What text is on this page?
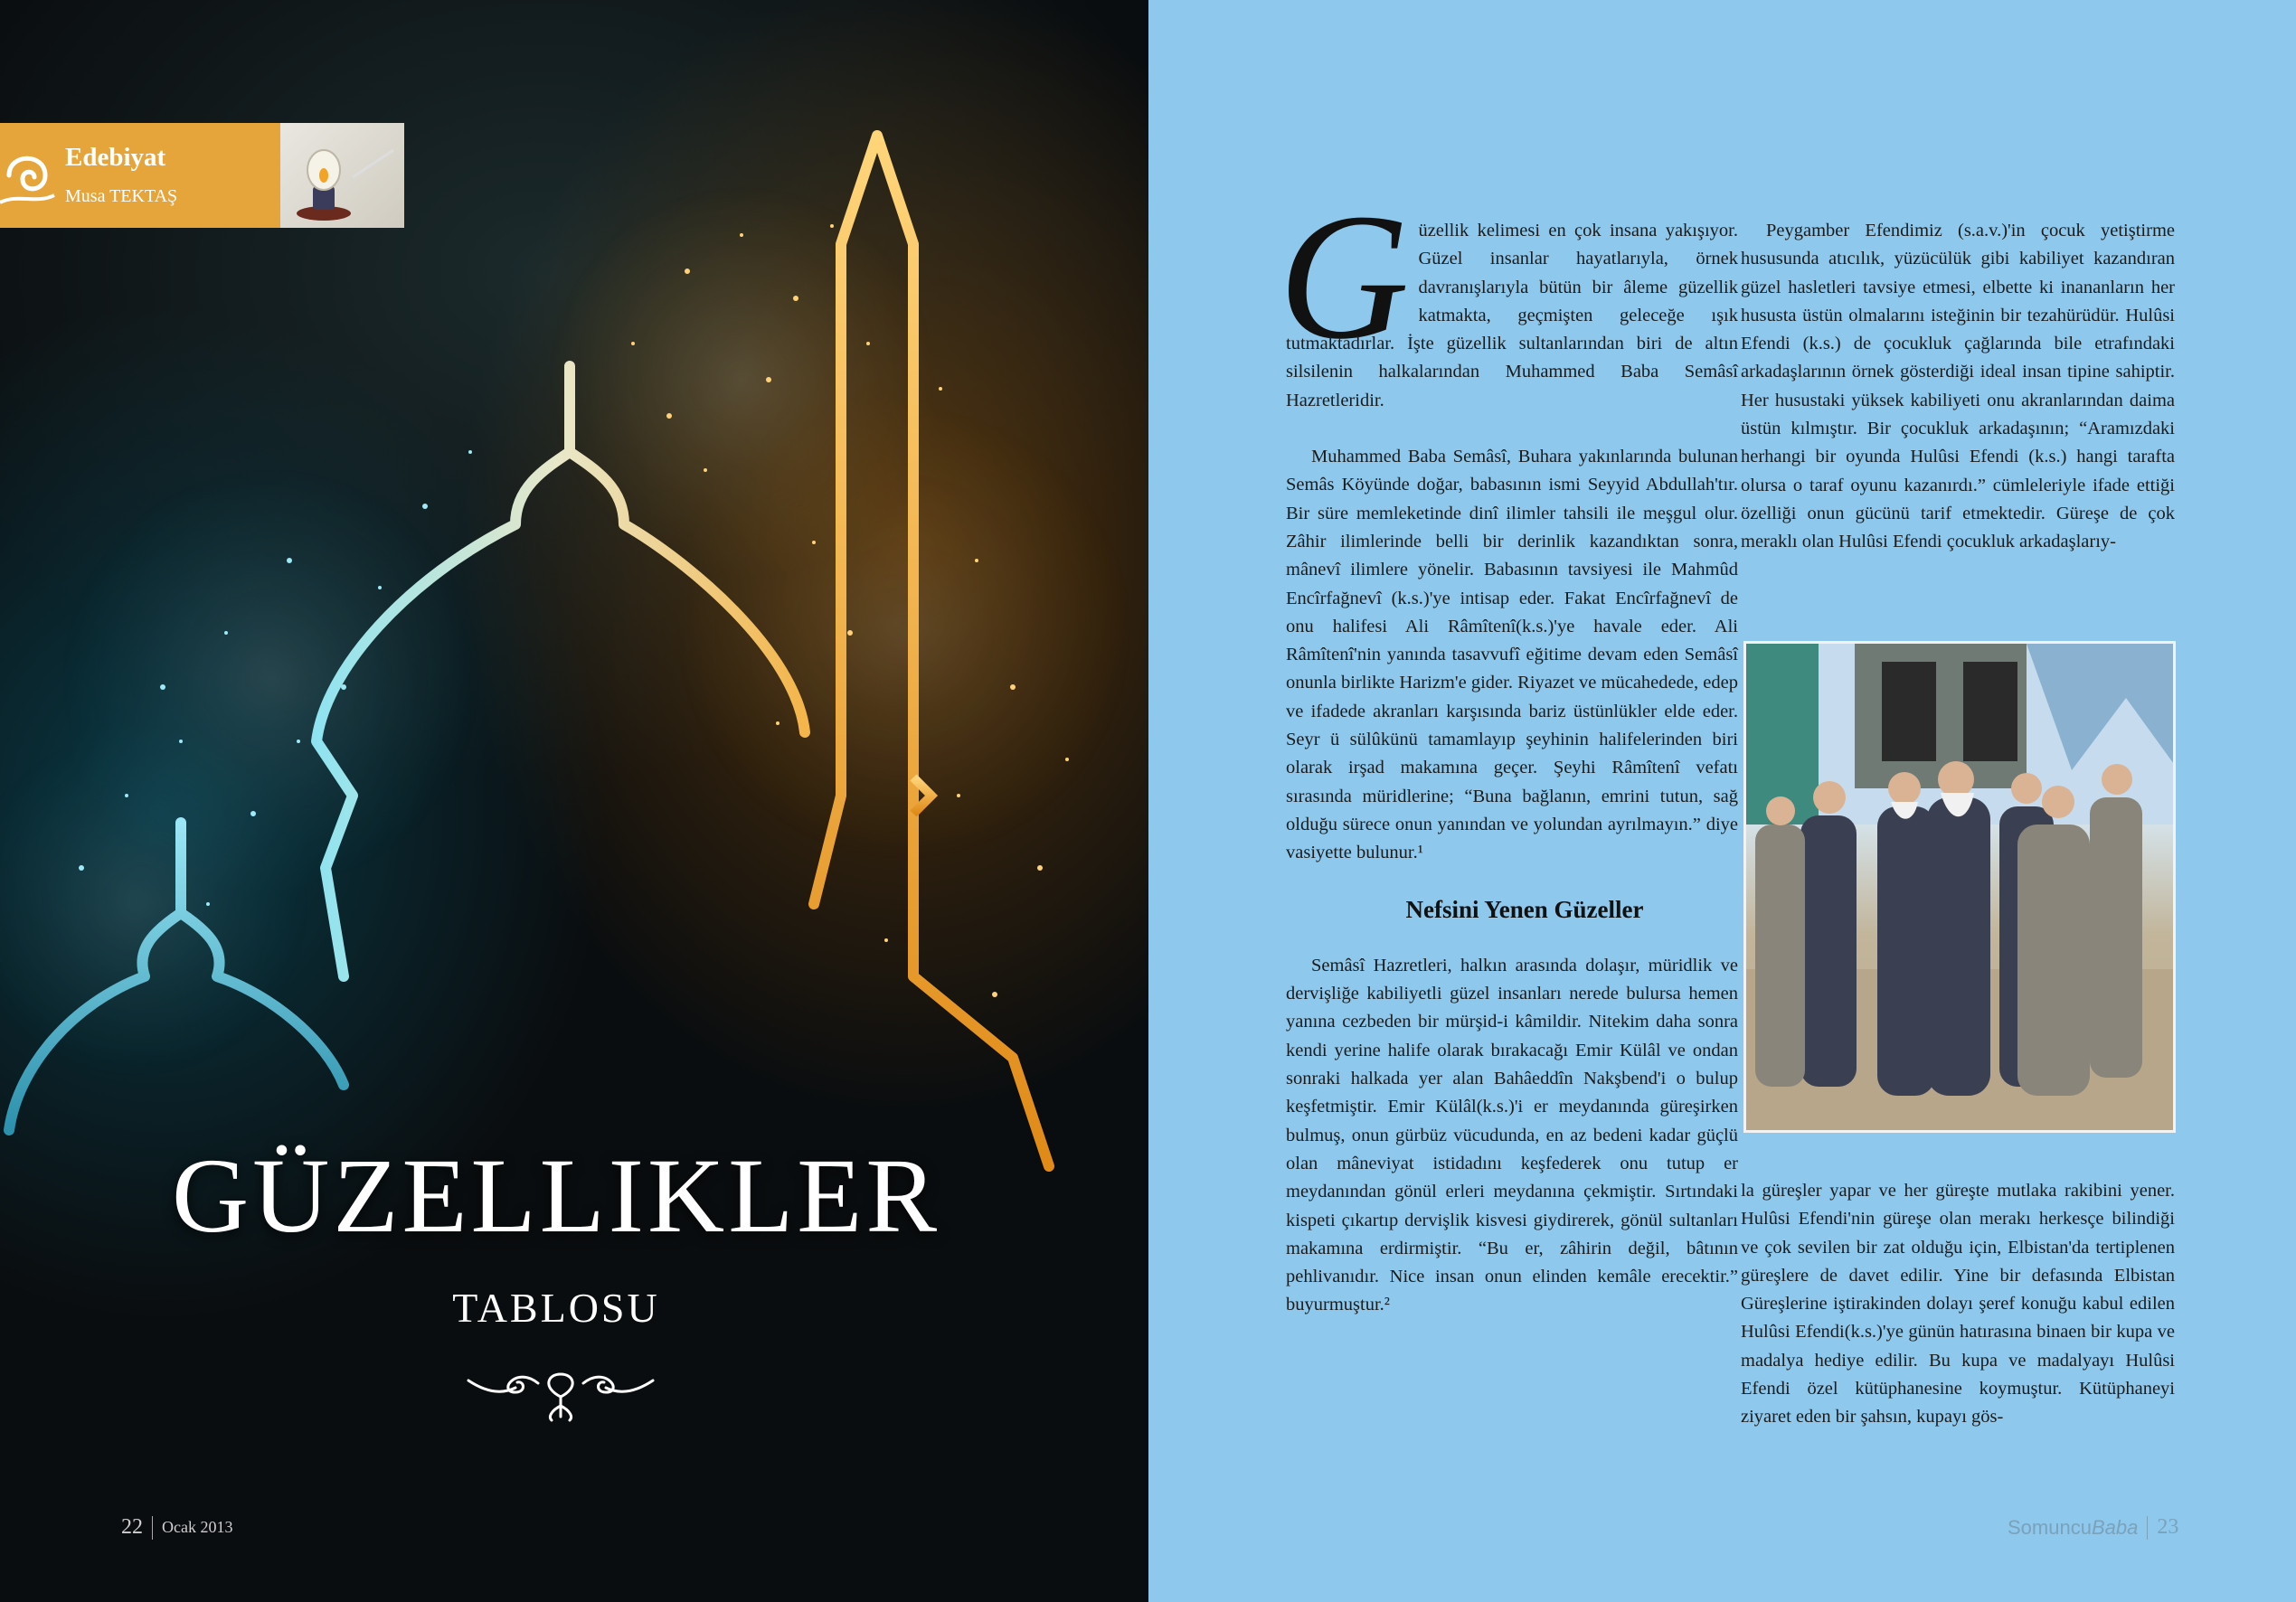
Edebiyat
Musa TEKTAŞ
GÜZELLIKLER
TABLOSU
22 Ocak 2013

Güzellik kelimesi en çok insana yakışıyor. Güzel insanlar hayatlarıyla, örnek davranışlarıyla bütün bir âleme güzellik katmakta, geçmişten geleceğe ışık tutmaktadırlar. İşte güzellik sultanlarından biri de altın silsilenin halkalarından Muhammed Baba Semâsî Hazretleridir.

Muhammed Baba Semâsî, Buhara yakınlarında bulunan Semâs Köyünde doğar, babasının ismi Seyyid Abdullah'tır. Bir süre memleketinde dinî ilimler tahsili ile meşgul olur. Zâhir ilimlerinde belli bir derinlik kazandıktan sonra, mânevî ilimlere yönelir. Babasının tavsiyesi ile Mahmûd Encîrfağnevî (k.s.)'ye intisap eder. Fakat Encîrfağnevî de onu halifesi Ali Râmîtenî(k.s.)'ye havale eder. Ali Râmîtenî'nin yanında tasavvufî eğitime devam eden Semâsî onunla birlikte Harizm'e gider. Riyazet ve mücahedede, edep ve ifadede akranları karşısında bariz üstünlükler elde eder. Seyr ü sülûkünü tamamlayıp şeyhinin halifelerinden biri olarak irşad makamına geçer. Şeyhi Râmîtenî vefatı sırasında müridlerine; “Buna bağlanın, emrini tutun, sağ olduğu sürece onun yanından ve yolundan ayrılmayın.” diye vasiyette bulunur.¹

Nefsini Yenen Güzeller

Semâsî Hazretleri, halkın arasında dolaşır, müridlik ve dervişliğe kabiliyetli güzel insanları nerede bulursa hemen yanına cezbeden bir mürşid-i kâmildir. Nitekim daha sonra kendi yerine halife olarak bırakacağı Emir Külâl ve ondan sonraki halkada yer alan Bahâeddîn Nakşbend'i o bulup keşfetmiştir. Emir Külâl(k.s.)'i er meydanında güreşirken bulmuş, onun gürbüz vücudunda, en az bedeni kadar güçlü olan mâneviyat istidadını keşfederek onu tutup er meydanından gönül erleri meydanına çekmiştir. Sırtındaki kispeti çıkartıp dervişlik kisvesi giydirerek, gönül sultanları makamına erdirmiştir. “Bu er, zâhirin değil, bâtının pehlivanıdır. Nice insan onun elinden kemâle erecektir.” buyurmuştur.²

Peygamber Efendimiz (s.a.v.)'in çocuk yetiştirme hususunda atıcılık, yüzücülük gibi kabiliyet kazandıran güzel hasletleri tavsiye etmesi, elbette ki inananların her hususta üstün olmalarını isteğinin bir tezahürüdür. Hulûsi Efendi (k.s.) de çocukluk çağlarında bile etrafındaki arkadaşlarının örnek gösterdiği ideal insan tipine sahiptir. Her husustaki yüksek kabiliyeti onu akranlarından daima üstün kılmıştır. Bir çocukluk arkadaşının; “Aramızdaki herhangi bir oyunda Hulûsi Efendi (k.s.) hangi tarafta olursa o taraf oyunu kazanırdı.” cümleleriyle ifade ettiği özelliği onun gücünü tarif etmektedir. Güreşe de çok meraklı olan Hulûsi Efendi çocukluk arkadaşlarıy-

la güreşler yapar ve her güreşte mutlaka rakibini yener. Hulûsi Efendi'nin güreşe olan merakı herkesçe bilindiği ve çok sevilen bir zat olduğu için, Elbistan'da tertiplenen güreşlere de davet edilir. Yine bir defasında Elbistan Güreşlerine iştirakinden dolayı şeref konuğu kabul edilen Hulûsi Efendi(k.s.)'ye günün hatırasına binaen bir kupa ve madalya hediye edilir. Bu kupa ve madalyayı Hulûsi Efendi özel kütüphanesine koymuştur. Kütüphaneyi ziyaret eden bir şahsın, kupayı gös-

SomuncuBaba 23
